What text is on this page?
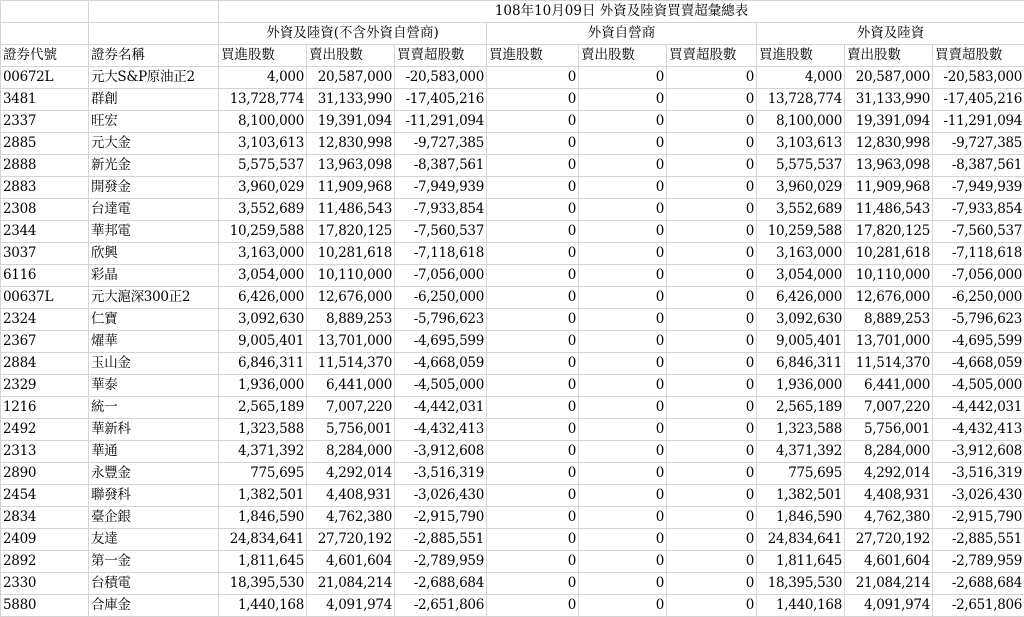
		108年10月09日 外資及陸資買賣超彙總表								
		外資及陸資(不含外資自營商)			外資自營商			外資及陸資		
證券代號	證券名稱	買進股數	賣出股數	買賣超股數	買進股數	賣出股數	買賣超股數	買進股數	賣出股數	買賣超股數
00672L	元大S&P原油正2	4,000	20,587,000	-20,583,000	0	0	0	4,000	20,587,000	-20,583,000
3481	群創	13,728,774	31,133,990	-17,405,216	0	0	0	13,728,774	31,133,990	-17,405,216
2337	旺宏	8,100,000	19,391,094	-11,291,094	0	0	0	8,100,000	19,391,094	-11,291,094
2885	元大金	3,103,613	12,830,998	-9,727,385	0	0	0	3,103,613	12,830,998	-9,727,385
2888	新光金	5,575,537	13,963,098	-8,387,561	0	0	0	5,575,537	13,963,098	-8,387,561
2883	開發金	3,960,029	11,909,968	-7,949,939	0	0	0	3,960,029	11,909,968	-7,949,939
2308	台達電	3,552,689	11,486,543	-7,933,854	0	0	0	3,552,689	11,486,543	-7,933,854
2344	華邦電	10,259,588	17,820,125	-7,560,537	0	0	0	10,259,588	17,820,125	-7,560,537
3037	欣興	3,163,000	10,281,618	-7,118,618	0	0	0	3,163,000	10,281,618	-7,118,618
6116	彩晶	3,054,000	10,110,000	-7,056,000	0	0	0	3,054,000	10,110,000	-7,056,000
00637L	元大滬深300正2	6,426,000	12,676,000	-6,250,000	0	0	0	6,426,000	12,676,000	-6,250,000
2324	仁寶	3,092,630	8,889,253	-5,796,623	0	0	0	3,092,630	8,889,253	-5,796,623
2367	燿華	9,005,401	13,701,000	-4,695,599	0	0	0	9,005,401	13,701,000	-4,695,599
2884	玉山金	6,846,311	11,514,370	-4,668,059	0	0	0	6,846,311	11,514,370	-4,668,059
2329	華泰	1,936,000	6,441,000	-4,505,000	0	0	0	1,936,000	6,441,000	-4,505,000
1216	統一	2,565,189	7,007,220	-4,442,031	0	0	0	2,565,189	7,007,220	-4,442,031
2492	華新科	1,323,588	5,756,001	-4,432,413	0	0	0	1,323,588	5,756,001	-4,432,413
2313	華通	4,371,392	8,284,000	-3,912,608	0	0	0	4,371,392	8,284,000	-3,912,608
2890	永豐金	775,695	4,292,014	-3,516,319	0	0	0	775,695	4,292,014	-3,516,319
2454	聯發科	1,382,501	4,408,931	-3,026,430	0	0	0	1,382,501	4,408,931	-3,026,430
2834	臺企銀	1,846,590	4,762,380	-2,915,790	0	0	0	1,846,590	4,762,380	-2,915,790
2409	友達	24,834,641	27,720,192	-2,885,551	0	0	0	24,834,641	27,720,192	-2,885,551
2892	第一金	1,811,645	4,601,604	-2,789,959	0	0	0	1,811,645	4,601,604	-2,789,959
2330	台積電	18,395,530	21,084,214	-2,688,684	0	0	0	18,395,530	21,084,214	-2,688,684
5880	合庫金	1,440,168	4,091,974	-2,651,806	0	0	0	1,440,168	4,091,974	-2,651,806
